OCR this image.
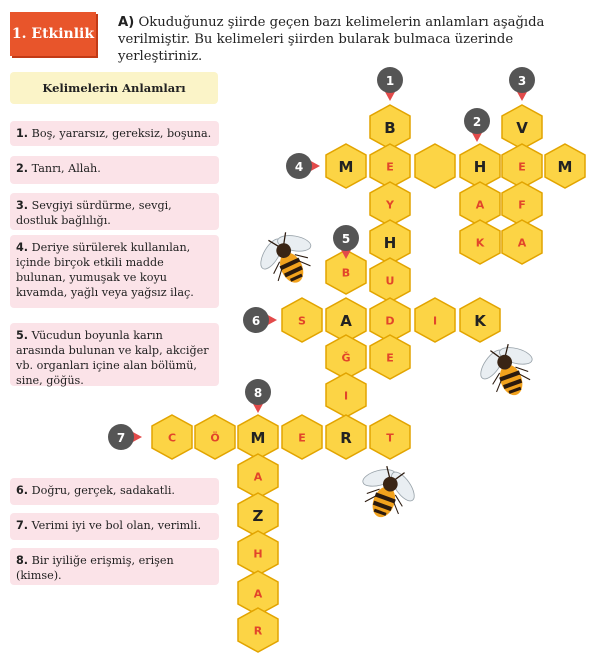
1. Etkinlik
A) Okuduğunuz şiirde geçen bazı kelimelerin anlamları aşağıda verilmiştir. Bu kelimeleri şiirden bularak bulmaca üzerinde yerleştiriniz.
Kelimelerin Anlamları
1. Boş, yararsız, gereksiz, boşuna.
2. Tanrı, Allah.
3. Sevgiyi sürdürme, sevgi, dostluk bağlılığı.
4. Deriye sürülerek kullanılan, içinde birçok etkili madde bulunan, yumuşak ve koyu kıvamda, yağlı veya yağsız ilaç.
5. Vücudun boyunla karın arasında bulunan ve kalp, akciğer vb. organları içine alan bölümü, sine, göğüs.
6. Doğru, gerçek, sadakatli.
7. Verimi iyi ve bol olan, verimli.
8. Bir iyiliğe erişmiş, erişen (kimse).
B
E
Y
H
U
D
E
H
A
K
V
E
F
A
M	M
B
A
Ğ
I
R
S	I K
C	Ö M	E	T
A
Z
H
A
R
1
2
3
4
5
6
7
8
